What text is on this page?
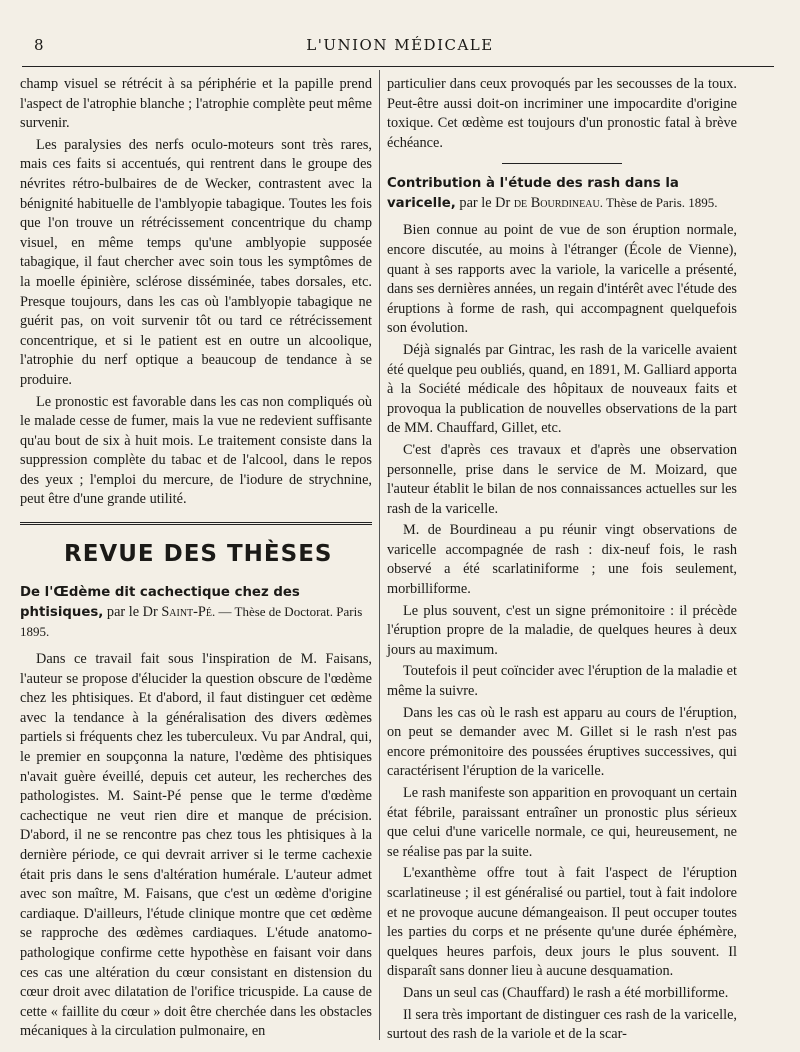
8	L'UNION MÉDICALE

champ visuel se rétrécit à sa périphérie et la papille prend l'aspect de l'atrophie blanche ; l'atrophie complète peut même survenir.

Les paralysies des nerfs oculo-moteurs sont très rares, mais ces faits si accentués, qui rentrent dans le groupe des névrites rétro-bulbaires de de Wecker, contrastent avec la bénignité habituelle de l'amblyopie tabagique. Toutes les fois que l'on trouve un rétrécissement concentrique du champ visuel, en même temps qu'une amblyopie supposée tabagique, il faut chercher avec soin tous les symptômes de la moelle épinière, sclérose disséminée, tabes dorsales, etc. Presque toujours, dans les cas où l'amblyopie tabagique ne guérit pas, on voit survenir tôt ou tard ce rétrécissement concentrique, et si le patient est en outre un alcoolique, l'atrophie du nerf optique a beaucoup de tendance à se produire.

Le pronostic est favorable dans les cas non compliqués où le malade cesse de fumer, mais la vue ne redevient suffisante qu'au bout de six à huit mois. Le traitement consiste dans la suppression complète du tabac et de l'alcool, dans le repos des yeux ; l'emploi du mercure, de l'iodure de strychnine, peut être d'une grande utilité.

REVUE DES THÈSES
De l'Œdème dit cachectique chez des phtisiques, par le Dr Saint-Pé. — Thèse de Doctorat. Paris 1895.

Dans ce travail fait sous l'inspiration de M. Faisans, l'auteur se propose d'élucider la question obscure de l'œdème chez les phtisiques. Et d'abord, il faut distinguer cet œdème avec la tendance à la généralisation des divers œdèmes partiels si fréquents chez les tuberculeux. Vu par Andral, qui, le premier en soupçonna la nature, l'œdème des phtisiques n'avait guère éveillé, depuis cet auteur, les recherches des pathologistes. M. Saint-Pé pense que le terme d'œdème cachectique ne veut rien dire et manque de précision. D'abord, il ne se rencontre pas chez tous les phtisiques à la dernière période, ce qui devrait arriver si le terme cachexie était pris dans le sens d'altération humérale. L'auteur admet avec son maître, M. Faisans, que c'est un œdème d'origine cardiaque. D'ailleurs, l'étude clinique montre que cet œdème se rapproche des œdèmes cardiaques. L'étude anatomo-pathologique confirme cette hypothèse en faisant voir dans ces cas une altération du cœur consistant en distension du cœur droit avec dilatation de l'orifice tricuspide. La cause de cette « faillite du cœur » doit être cherchée dans les obstacles mécaniques à la circulation pulmonaire, en

particulier dans ceux provoqués par les secousses de la toux. Peut-être aussi doit-on incriminer une impocardite d'origine toxique. Cet œdème est toujours d'un pronostic fatal à brève échéance.

Contribution à l'étude des rash dans la varicelle, par le Dr de Bourdineau. Thèse de Paris. 1895.

Bien connue au point de vue de son éruption normale, encore discutée, au moins à l'étranger (École de Vienne), quant à ses rapports avec la variole, la varicelle a présenté, dans ses dernières années, un regain d'intérêt avec l'étude des éruptions à forme de rash, qui accompagnent quelquefois son évolution.

Déjà signalés par Gintrac, les rash de la varicelle avaient été quelque peu oubliés, quand, en 1891, M. Galliard apporta à la Société médicale des hôpitaux de nouveaux faits et provoqua la publication de nouvelles observations de la part de MM. Chauffard, Gillet, etc.

C'est d'après ces travaux et d'après une observation personnelle, prise dans le service de M. Moizard, que l'auteur établit le bilan de nos connaissances actuelles sur les rash de la varicelle.

M. de Bourdineau a pu réunir vingt observations de varicelle accompagnée de rash : dix-neuf fois, le rash observé a été scarlatiniforme ; une fois seulement, morbilliforme.

Le plus souvent, c'est un signe prémonitoire : il précède l'éruption propre de la maladie, de quelques heures à deux jours au maximum.

Toutefois il peut coïncider avec l'éruption de la maladie et même la suivre.

Dans les cas où le rash est apparu au cours de l'éruption, on peut se demander avec M. Gillet si le rash n'est pas encore prémonitoire des poussées éruptives successives, qui caractérisent l'éruption de la varicelle.

Le rash manifeste son apparition en provoquant un certain état fébrile, paraissant entraîner un pronostic plus sérieux que celui d'une varicelle normale, ce qui, heureusement, ne se réalise pas par la suite.

L'exanthème offre tout à fait l'aspect de l'éruption scarlatineuse ; il est généralisé ou partiel, tout à fait indolore et ne provoque aucune démangeaison. Il peut occuper toutes les parties du corps et ne présente qu'une durée éphémère, quelques heures parfois, deux jours le plus souvent. Il disparaît sans donner lieu à aucune desquamation.

Dans un seul cas (Chauffard) le rash a été morbilliforme.

Il sera très important de distinguer ces rash de la varicelle, surtout des rash de la variole et de la scar-
